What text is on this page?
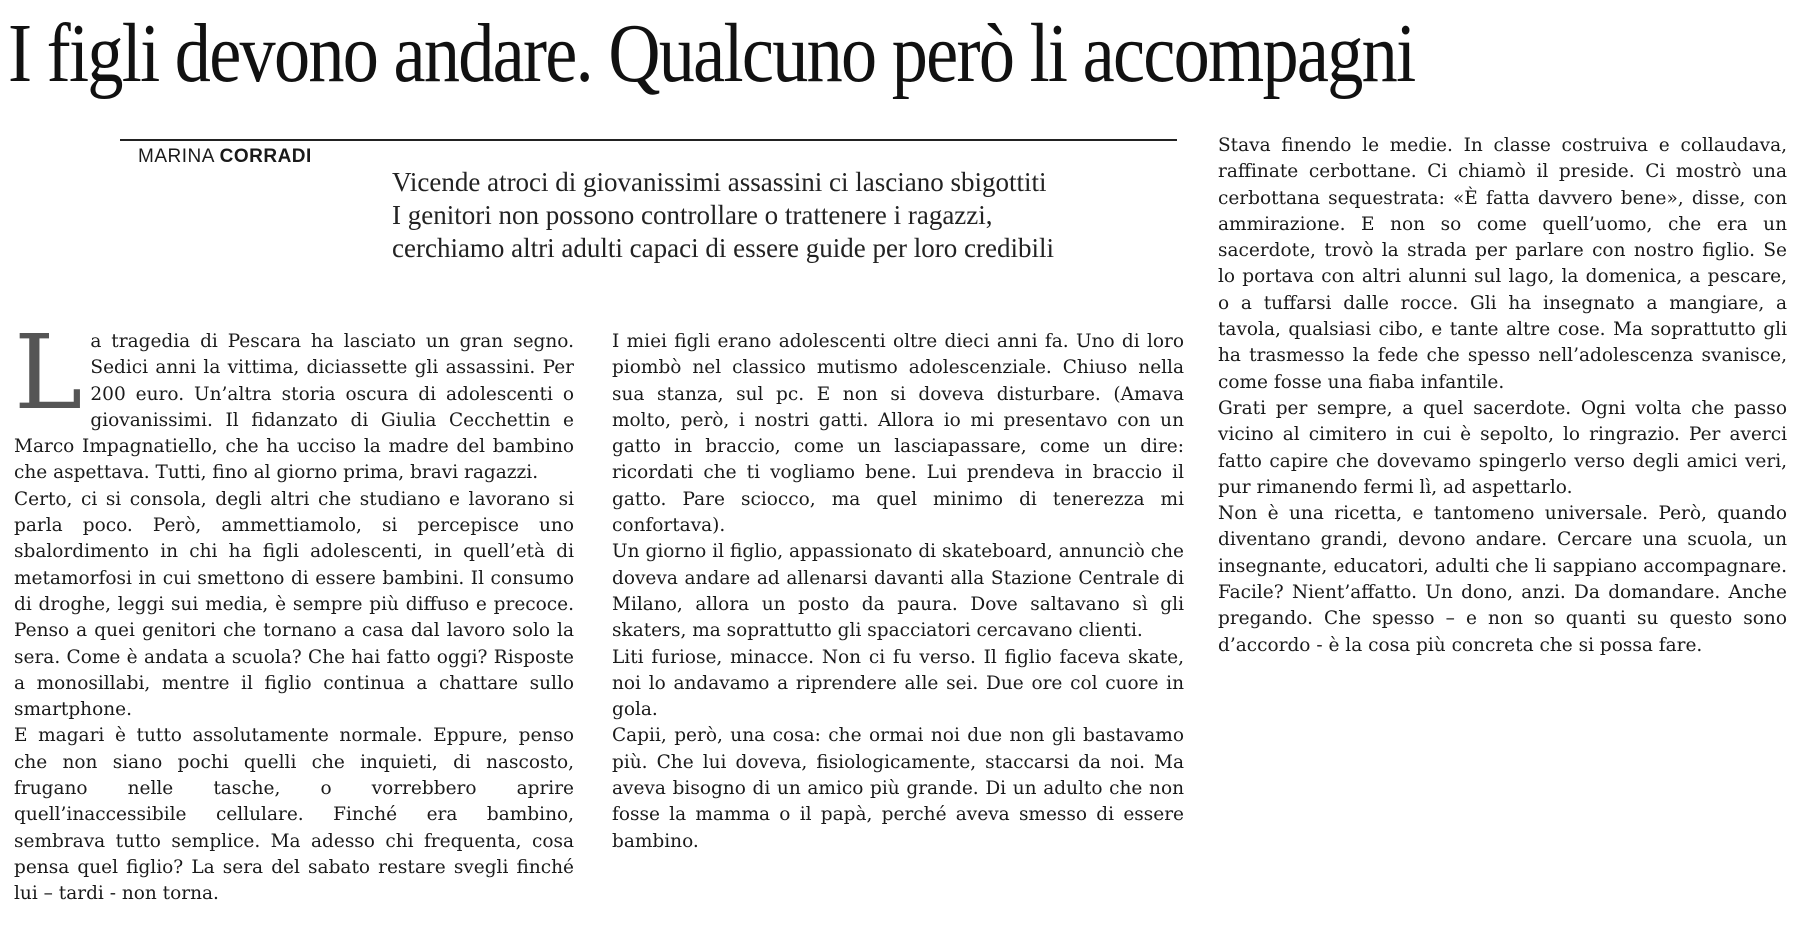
I figli devono andare. Qualcuno però li accompagni
MARINA CORRADI
Vicende atroci di giovanissimi assassini ci lasciano sbigottiti
I genitori non possono controllare o trattenere i ragazzi,
cerchiamo altri adulti capaci di essere guide per loro credibili

La tragedia di Pescara ha lasciato un gran segno. Sedici anni la vittima, diciassette gli assassini. Per 200 euro. Un’altra storia oscura di adolescenti o giovanissimi. Il fidanzato di Giulia Cecchettin e Marco Impagnatiello, che ha ucciso la madre del bambino che aspettava. Tutti, fino al giorno prima, bravi ragazzi.

Certo, ci si consola, degli altri che studiano e lavorano si parla poco. Però, ammettiamolo, si percepisce uno sbalordimento in chi ha figli adolescenti, in quell’età di metamorfosi in cui smettono di essere bambini. Il consumo di droghe, leggi sui media, è sempre più diffuso e precoce. Penso a quei genitori che tornano a casa dal lavoro solo la sera. Come è andata a scuola? Che hai fatto oggi? Risposte a monosillabi, mentre il figlio continua a chattare sullo smartphone.

E magari è tutto assolutamente normale. Eppure, penso che non siano pochi quelli che inquieti, di nascosto, frugano nelle tasche, o vorrebbero aprire quell’inaccessibile cellulare. Finché era bambino, sembrava tutto semplice. Ma adesso chi frequenta, cosa pensa quel figlio? La sera del sabato restare svegli finché lui – tardi - non torna.

I miei figli erano adolescenti oltre dieci anni fa. Uno di loro piombò nel classico mutismo adolescenziale. Chiuso nella sua stanza, sul pc. E non si doveva disturbare. (Amava molto, però, i nostri gatti. Allora io mi presentavo con un gatto in braccio, come un lasciapassare, come un dire: ricordati che ti vogliamo bene. Lui prendeva in braccio il gatto. Pare sciocco, ma quel minimo di tenerezza mi confortava).

Un giorno il figlio, appassionato di skateboard, annunciò che doveva andare ad allenarsi davanti alla Stazione Centrale di Milano, allora un posto da paura. Dove saltavano sì gli skaters, ma soprattutto gli spacciatori cercavano clienti.

Liti furiose, minacce. Non ci fu verso. Il figlio faceva skate, noi lo andavamo a riprendere alle sei. Due ore col cuore in gola.

Capii, però, una cosa: che ormai noi due non gli bastavamo più. Che lui doveva, fisiologicamente, staccarsi da noi. Ma aveva bisogno di un amico più grande. Di un adulto che non fosse la mamma o il papà, perché aveva smesso di essere bambino.

Stava finendo le medie. In classe costruiva e collaudava, raffinate cerbottane. Ci chiamò il preside. Ci mostrò una cerbottana sequestrata: «È fatta davvero bene», disse, con ammirazione. E non so come quell’uomo, che era un sacerdote, trovò la strada per parlare con nostro figlio. Se lo portava con altri alunni sul lago, la domenica, a pescare, o a tuffarsi dalle rocce. Gli ha insegnato a mangiare, a tavola, qualsiasi cibo, e tante altre cose. Ma soprattutto gli ha trasmesso la fede che spesso nell’adolescenza svanisce, come fosse una fiaba infantile.

Grati per sempre, a quel sacerdote. Ogni volta che passo vicino al cimitero in cui è sepolto, lo ringrazio. Per averci fatto capire che dovevamo spingerlo verso degli amici veri, pur rimanendo fermi lì, ad aspettarlo.

Non è una ricetta, e tantomeno universale. Però, quando diventano grandi, devono andare. Cercare una scuola, un insegnante, educatori, adulti che li sappiano accompagnare. Facile? Nient’affatto. Un dono, anzi. Da domandare. Anche pregando. Che spesso – e non so quanti su questo sono d’accordo - è la cosa più concreta che si possa fare.
